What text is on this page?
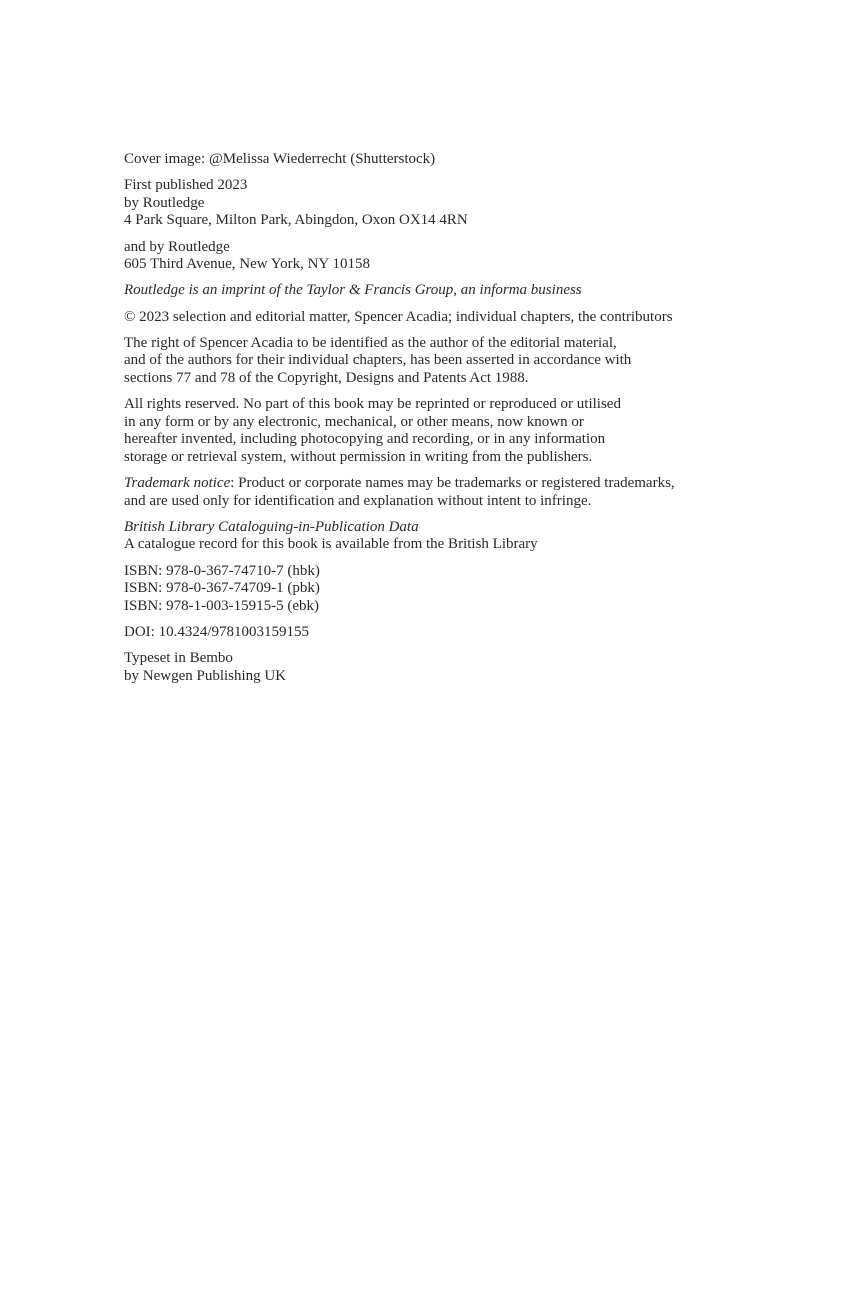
Cover image: @Melissa Wiederrecht (Shutterstock)
First published 2023
by Routledge
4 Park Square, Milton Park, Abingdon, Oxon OX14 4RN
and by Routledge
605 Third Avenue, New York, NY 10158
Routledge is an imprint of the Taylor & Francis Group, an informa business
© 2023 selection and editorial matter, Spencer Acadia; individual chapters, the contributors
The right of Spencer Acadia to be identified as the author of the editorial material,
and of the authors for their individual chapters, has been asserted in accordance with
sections 77 and 78 of the Copyright, Designs and Patents Act 1988.
All rights reserved. No part of this book may be reprinted or reproduced or utilised
in any form or by any electronic, mechanical, or other means, now known or
hereafter invented, including photocopying and recording, or in any information
storage or retrieval system, without permission in writing from the publishers.
Trademark notice: Product or corporate names may be trademarks or registered trademarks,
and are used only for identification and explanation without intent to infringe.
British Library Cataloguing-in-Publication Data
A catalogue record for this book is available from the British Library
ISBN: 978-0-367-74710-7 (hbk)
ISBN: 978-0-367-74709-1 (pbk)
ISBN: 978-1-003-15915-5 (ebk)
DOI: 10.4324/9781003159155
Typeset in Bembo
by Newgen Publishing UK
